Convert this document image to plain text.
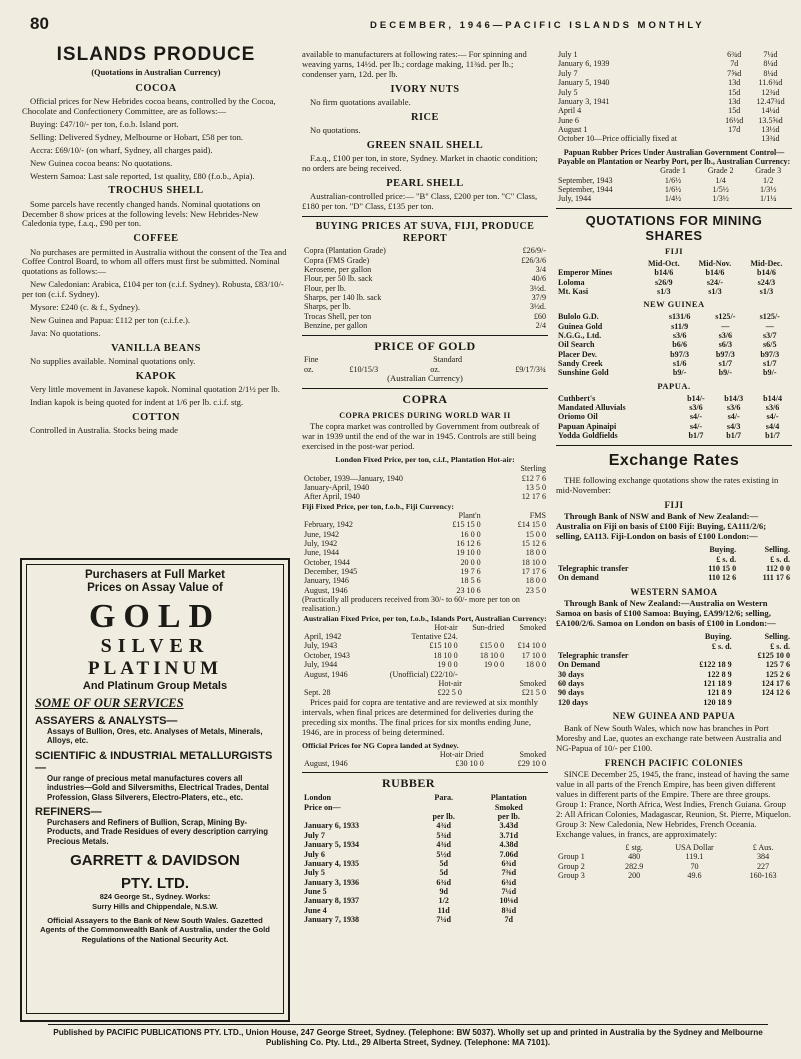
80	DECEMBER, 1946—PACIFIC ISLANDS MONTHLY
ISLANDS PRODUCE
(Quotations in Australian Currency)
COCOA

Official prices for New Hebrides cocoa beans, controlled by the Cocoa, Chocolate and Confectionery Committee, are as follows:—

Buying: £47/10/- per ton, f.o.b. Island port.

Selling: Delivered Sydney, Melbourne or Hobart, £58 per ton.

Accra: £69/10/- (on wharf, Sydney, all charges paid).

New Guinea cocoa beans: No quotations.

Western Samoa: Last sale reported, 1st quality, £80 (f.o.b., Apia).

TROCHUS SHELL

Some parcels have recently changed hands. Nominal quotations on December 8 show prices at the following levels: New Hebrides-New Caledonia type, f.a.q., £90 per ton.

COFFEE

No purchases are permitted in Australia without the consent of the Tea and Coffee Control Board, to whom all offers must first be submitted. Nominal quotations as follows:—

New Caledonian: Arabica, £104 per ton (c.i.f. Sydney). Robusta, £83/10/- per ton (c.i.f. Sydney).

Mysore: £240 (c. & f., Sydney).

New Guinea and Papua: £112 per ton (c.i.f.e.).

Java: No quotations.

VANILLA BEANS

No supplies available. Nominal quotations only.

KAPOK

Very little movement in Javanese kapok. Nominal quotation 2/1½ per lb.

Indian kapok is being quoted for indent at 1/6 per lb. c.i.f. stg.

COTTON

Controlled in Australia. Stocks being made

Purchasers at Full Market
Prices on Assay Value of
GOLD
SILVER
PLATINUM
And Platinum Group Metals
SOME OF OUR SERVICES
ASSAYERS & ANALYSTS—
Assays of Bullion, Ores, etc. Analyses of Metals, Minerals, Alloys, etc.
SCIENTIFIC & INDUSTRIAL METALLURGISTS—
Our range of precious metal manufactures covers all industries—Gold and Silversmiths, Electrical Trades, Dental Profession, Glass Silverers, Electro-Platers, etc., etc.
REFINERS—
Purchasers and Refiners of Bullion, Scrap, Mining By-Products, and Trade Residues of every description carrying Precious Metals.
GARRETT & DAVIDSON
PTY. LTD.
824 George St., Sydney. Works:
Surry Hills and Chippendale, N.S.W.
Official Assayers to the Bank of New South Wales. Gazetted Agents of the Commonwealth Bank of Australia, under the Gold Regulations of the National Security Act.

available to manufacturers at following rates:— For spinning and weaving yarns, 14½d. per lb.; cordage making, 11¾d. per lb.; condenser yarn, 12d. per lb.

IVORY NUTS

No firm quotations available.

RICE

No quotations.

GREEN SNAIL SHELL

F.a.q., £100 per ton, in store, Sydney. Market in chaotic condition; no orders are being received.

PEARL SHELL

Australian-controlled price:— "B" Class, £200 per ton. "C" Class, £180 per ton. "D" Class, £135 per ton.

BUYING PRICES AT SUVA, FIJI, PRODUCE REPORT
Copra (Plantation Grade)	£26/9/-
Copra (FMS Grade)	£26/3/6
Kerosene, per gallon	3/4
Flour, per 50 lb. sack	40/6
Flour, per lb.	3½d.
Sharps, per 140 lb. sack	37/9
Sharps, per lb.	3½d.
Trocas Shell, per ton	£60
Benzine, per gallon	2/4
PRICE OF GOLD
Fine	Standard		
oz.	£10/15/3	oz.	£9/17/3¾
(Australian Currency)
COPRA
COPRA PRICES DURING WORLD WAR II

The copra market was controlled by Government from outbreak of war in 1939 until the end of the war in 1945. Controls are still being exercised in the post-war period.

London Fixed Price, per ton, c.i.f., Plantation Hot-air:
	Sterling
October, 1939—January, 1940	£12 7 6
January-April, 1940	13 5 0
After April, 1940	12 17 6
Fiji Fixed Price, per ton, f.o.b., Fiji Currency:
	Plant'n	FMS
February, 1942	£15 15 0	£14 15 0
June, 1942	16 0 0	15 0 0
July, 1942	16 12 6	15 12 6
June, 1944	19 10 0	18 0 0
October, 1944	20 0 0	18 10 0
December, 1945	19 7 6	17 17 6
January, 1946	18 5 6	18 0 0
August, 1946	23 10 6	23 5 0
(Practically all producers received from 30/- to 60/- more per ton on realisation.)
Australian Fixed Price, per ton, f.o.b., Islands Port, Australian Currency:
	Hot-air	Sun-dried	Smoked
April, 1942	Tentative £24.		
July, 1943	£15 10 0	£15 0 0	£14 10 0
October, 1943	18 10 0	18 10 0	17 10 0
July, 1944	19 0 0	19 0 0	18 0 0
August, 1946	(Unofficial) £22/10/-		
	Hot-air	Smoked
Sept. 28	£22 5 0	£21 5 0

Prices paid for copra are tentative and are reviewed at six monthly intervals, when final prices are determined for deliveries during the preceding six months. The final prices for six months ending June, 1946, are in process of being determined.

Official Prices for NG Copra landed at Sydney.
	Hot-air Dried	Smoked
August, 1946	£30 10 0	£29 10 0
RUBBER
London	Para.	Plantation
Price on—		Smoked
	per lb.	per lb.
January 6, 1933	4¾d	3.43d
July 7	5¾d	3.71d
January 5, 1934	4¾d	4.38d
July 6	5½d	7.06d
January 4, 1935	5d	6¾d
July 5	5d	7⅜d
January 3, 1936	6¾d	6¾d
June 5	9d	7¼d
January 8, 1937	1/2	10⅛d
June 4	11d	8¾d
January 7, 1938	7¼d	7d
July 1	6¾d	7¼d
January 6, 1939	7d	8¼d
July 7	7⅝d	8¼d
January 5, 1940	13d	11.6¾d
July 5	15d	12¾d
January 3, 1941	13d	12.47¾d
April 4	15d	14¼d
June 6	16½d	13.5⅝d
August 1	17d	13½d
October 10—Price officially fixed at		13¾d
Papuan Rubber Prices Under Australian Government Control—Payable on Plantation or Nearby Port, per lb., Australian Currency:
	Grade 1	Grade 2	Grade 3
September, 1943	1/6½	1/4	1/2
September, 1944	1/6½	1/5½	1/3½
July, 1944	1/4½	1/3½	1/1¼
QUOTATIONS FOR MINING SHARES
FIJI
	Mid-Oct.	Mid-Nov.	Mid-Dec.
Emperor Mines	b14/6	b14/6	b14/6
Loloma	s26/9	s24/-	s24/3
Mt. Kasi	s1/3	s1/3	s1/3
NEW GUINEA
Bulolo G.D.	s131/6	s125/-	s125/-
Guinea Gold	s11/9	—	—
N.G.G., Ltd.	s3/6	s3/6	s3/7
Oil Search	b6/6	s6/3	s6/5
Placer Dev.	b97/3	b97/3	b97/3
Sandy Creek	s1/6	s1/7	s1/7
Sunshine Gold	b9/-	b9/-	b9/-
PAPUA.
Cuthbert's	b14/-	b14/3	b14/4
Mandated Alluvials	s3/6	s3/6	s3/6
Oriomo Oil	s4/-	s4/-	s4/-
Papuan Apinaipi	s4/-	s4/3	s4/4
Yodda Goldfields	b1/7	b1/7	b1/7
Exchange Rates

THE following exchange quotations show the rates existing in mid-November:

FIJI

Through Bank of NSW and Bank of New Zealand:—Australia on Fiji on basis of £100 Fiji: Buying, £A111/2/6; selling, £A113. Fiji-London on basis of £100 London:—

	Buying.	Selling.
	£ s. d.	£ s. d.
Telegraphic transfer	110 15 0	112 0 0
On demand	110 12 6	111 17 6
WESTERN SAMOA

Through Bank of New Zealand:—Australia on Western Samoa on basis of £100 Samoa: Buying, £A99/12/6; selling, £A100/2/6. Samoa on London on basis of £100 in London:—

	Buying.	Selling.
	£ s. d.	£ s. d.
Telegraphic transfer		£125 10 0
On Demand	£122 18 9	125 7 6
30 days	122 8 9	125 2 6
60 days	121 18 9	124 17 6
90 days	121 8 9	124 12 6
120 days	120 18 9	
NEW GUINEA AND PAPUA

Bank of New South Wales, which now has branches in Port Moresby and Lae, quotes an exchange rate between Australia and NG-Papua of 10/- per £100.

FRENCH PACIFIC COLONIES

SINCE December 25, 1945, the franc, instead of having the same value in all parts of the French Empire, has been given different values in different parts of the Empire. There are three groups. Group 1: France, North Africa, West Indies, French Guiana. Group 2: All African Colonies, Madagascar, Reunion, St. Pierre, Miquelon. Group 3: New Caledonia, New Hebrides, French Oceania. Exchange values, in francs, are approximately:

	£ stg.	USA Dollar	£ Aus.
Group 1	480	119.1	384
Group 2	282.9	70	227
Group 3	200	49.6	160-163
Published by PACIFIC PUBLICATIONS PTY. LTD., Union House, 247 George Street, Sydney. (Telephone: BW 5037). Wholly set up and printed in Australia by the Sydney and Melbourne Publishing Co. Pty. Ltd., 29 Alberta Street, Sydney. (Telephone: MA 7101).
